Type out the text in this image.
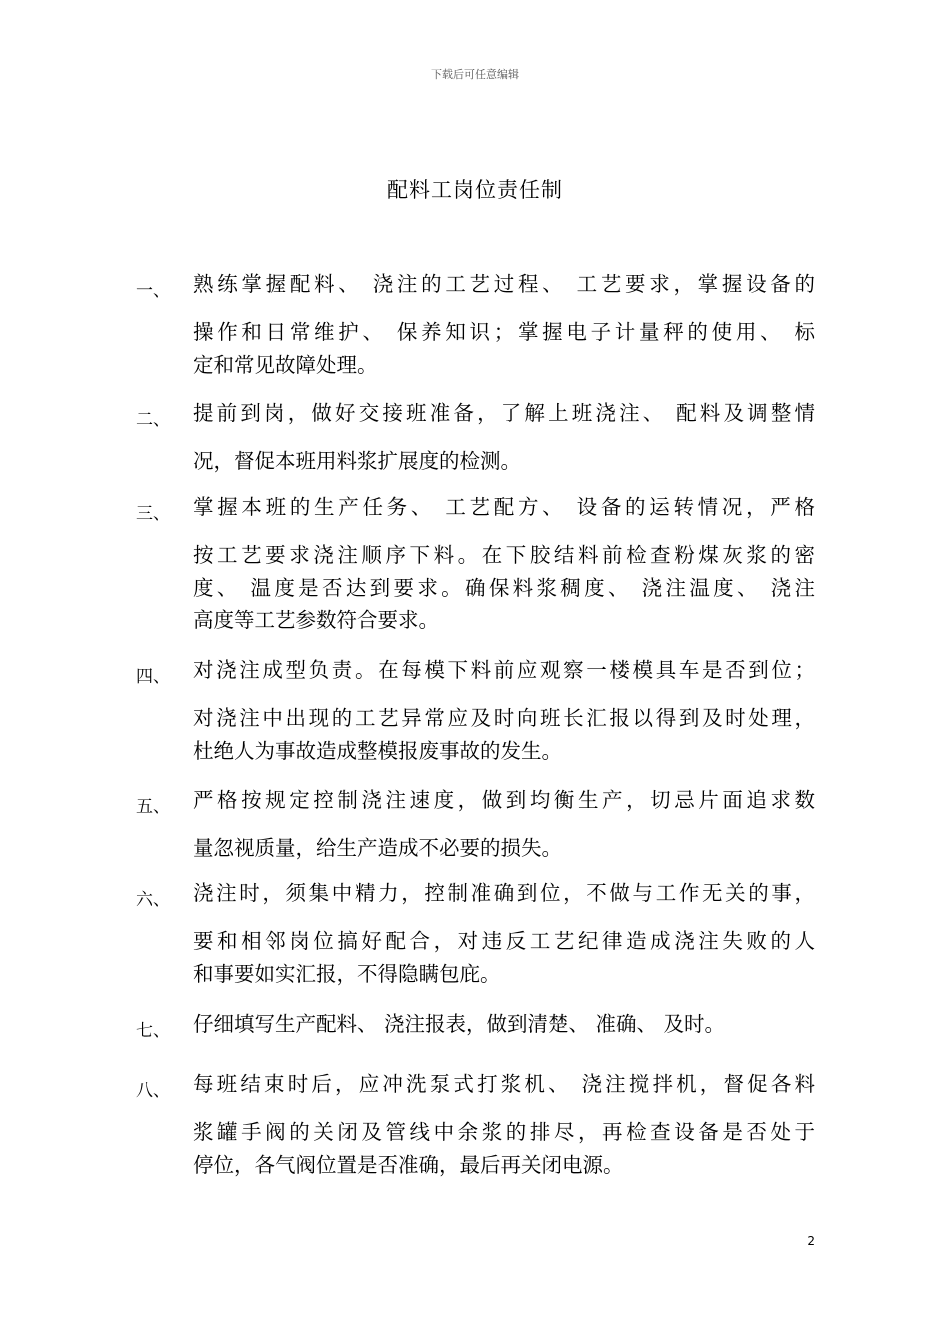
下载后可任意编辑
配料工岗位责任制
一、 熟练掌握配料、 浇注的工艺过程、 工艺要求，掌握设备的
操作和日常维护、 保养知识；掌握电子计量秤的使用、 标
定和常见故障处理。
二、 提前到岗，做好交接班准备，了解上班浇注、 配料及调整情
况，督促本班用料浆扩展度的检测。
三、 掌握本班的生产任务、 工艺配方、 设备的运转情况，严格
按工艺要求浇注顺序下料。在下胶结料前检查粉煤灰浆的密
度、 温度是否达到要求。确保料浆稠度、 浇注温度、 浇注
高度等工艺参数符合要求。
四、 对浇注成型负责。在每模下料前应观察一楼模具车是否到位；
对浇注中出现的工艺异常应及时向班长汇报以得到及时处理，
杜绝人为事故造成整模报废事故的发生。
五、 严格按规定控制浇注速度，做到均衡生产，切忌片面追求数
量忽视质量，给生产造成不必要的损失。
六、 浇注时，须集中精力，控制准确到位，不做与工作无关的事，
要和相邻岗位搞好配合，对违反工艺纪律造成浇注失败的人
和事要如实汇报，不得隐瞒包庇。
七、 仔细填写生产配料、 浇注报表，做到清楚、 准确、 及时。
八、 每班结束时后，应冲洗泵式打浆机、 浇注搅拌机，督促各料
浆罐手阀的关闭及管线中余浆的排尽，再检查设备是否处于
停位，各气阀位置是否准确，最后再关闭电源。
2
